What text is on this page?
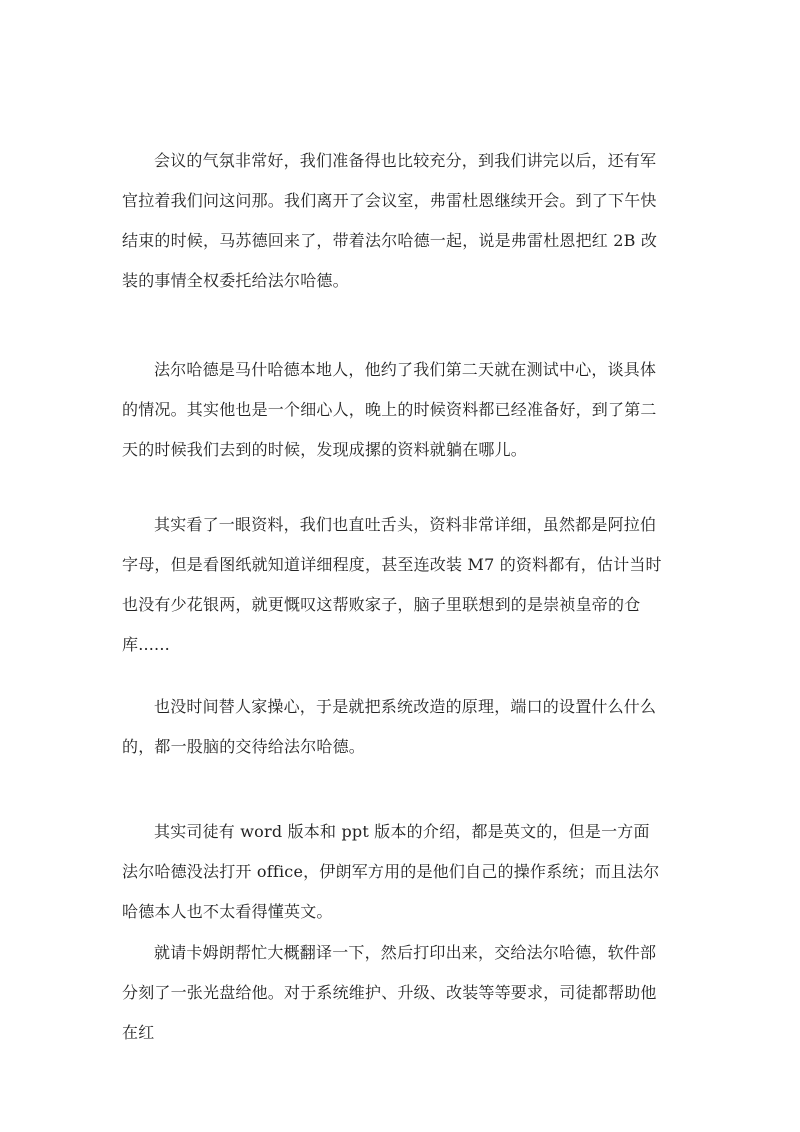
会议的气氛非常好，我们准备得也比较充分，到我们讲完以后，还有军官拉着我们问这问那。我们离开了会议室，弗雷杜恩继续开会。到了下午快结束的时候，马苏德回来了，带着法尔哈德一起，说是弗雷杜恩把红 2B 改装的事情全权委托给法尔哈德。

法尔哈德是马什哈德本地人，他约了我们第二天就在测试中心，谈具体的情况。其实他也是一个细心人，晚上的时候资料都已经准备好，到了第二天的时候我们去到的时候，发现成摞的资料就躺在哪儿。

其实看了一眼资料，我们也直吐舌头，资料非常详细，虽然都是阿拉伯字母，但是看图纸就知道详细程度，甚至连改装 M7 的资料都有，估计当时也没有少花银两，就更慨叹这帮败家子，脑子里联想到的是崇祯皇帝的仓库......

也没时间替人家操心，于是就把系统改造的原理，端口的设置什么什么的，都一股脑的交待给法尔哈德。

其实司徒有 word 版本和 ppt 版本的介绍，都是英文的，但是一方面法尔哈德没法打开 office，伊朗军方用的是他们自己的操作系统；而且法尔哈德本人也不太看得懂英文。

就请卡姆朗帮忙大概翻译一下，然后打印出来，交给法尔哈德，软件部分刻了一张光盘给他。对于系统维护、升级、改装等等要求，司徒都帮助他在红
